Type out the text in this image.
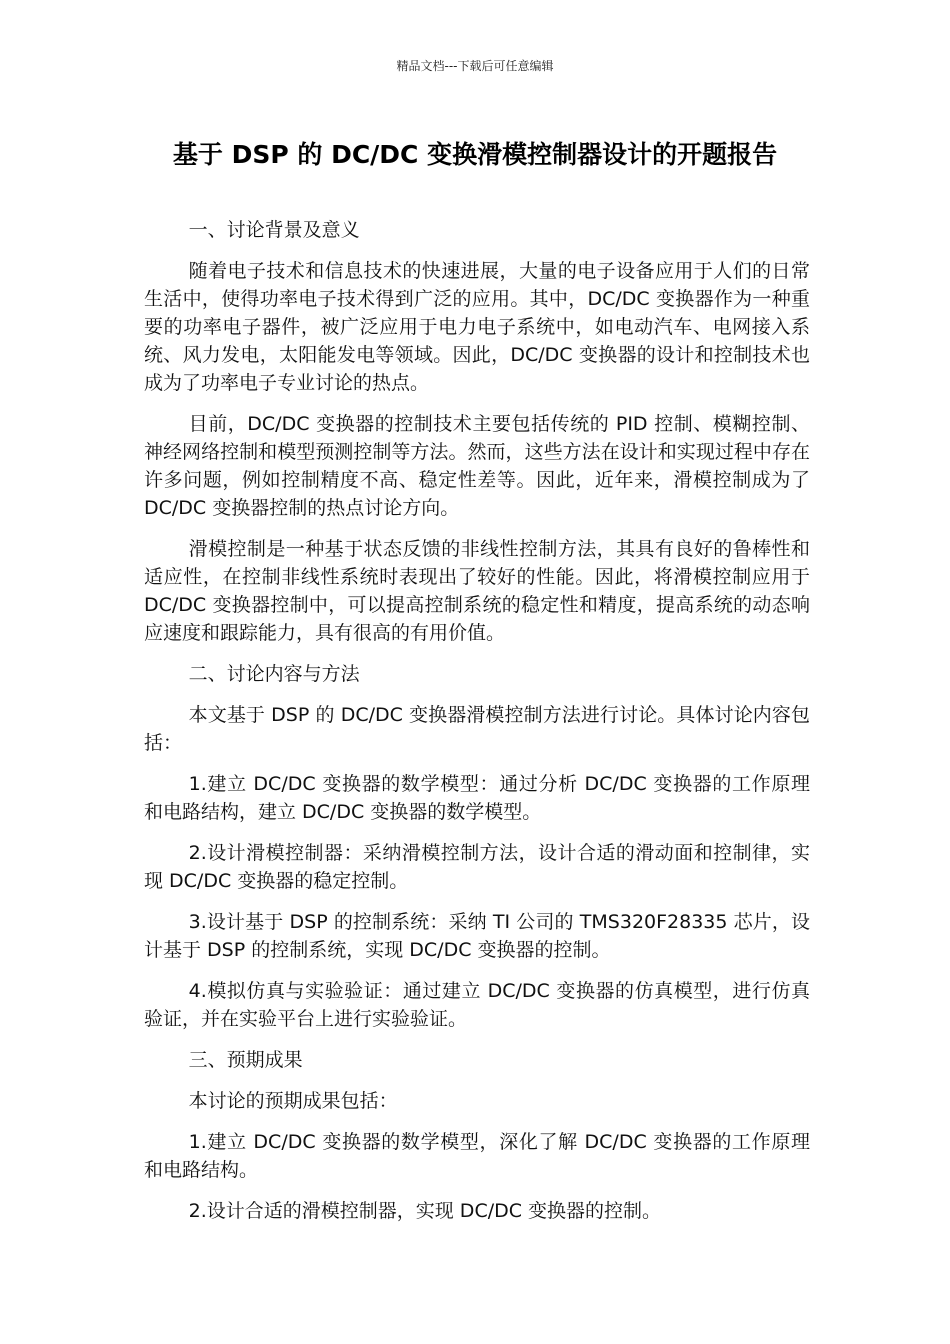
精品文档---下载后可任意编辑
基于 DSP 的 DC/DC 变换滑模控制器设计的开题报告

一、讨论背景及意义

随着电子技术和信息技术的快速进展，大量的电子设备应用于人们的日常生活中，使得功率电子技术得到广泛的应用。其中，DC/DC 变换器作为一种重要的功率电子器件，被广泛应用于电力电子系统中，如电动汽车、电网接入系统、风力发电，太阳能发电等领域。因此，DC/DC 变换器的设计和控制技术也成为了功率电子专业讨论的热点。

目前，DC/DC 变换器的控制技术主要包括传统的 PID 控制、模糊控制、神经网络控制和模型预测控制等方法。然而，这些方法在设计和实现过程中存在许多问题，例如控制精度不高、稳定性差等。因此，近年来，滑模控制成为了 DC/DC 变换器控制的热点讨论方向。

滑模控制是一种基于状态反馈的非线性控制方法，其具有良好的鲁棒性和适应性，在控制非线性系统时表现出了较好的性能。因此，将滑模控制应用于 DC/DC 变换器控制中，可以提高控制系统的稳定性和精度，提高系统的动态响应速度和跟踪能力，具有很高的有用价值。

二、讨论内容与方法

本文基于 DSP 的 DC/DC 变换器滑模控制方法进行讨论。具体讨论内容包括：

1.建立 DC/DC 变换器的数学模型：通过分析 DC/DC 变换器的工作原理和电路结构，建立 DC/DC 变换器的数学模型。

2.设计滑模控制器：采纳滑模控制方法，设计合适的滑动面和控制律，实现 DC/DC 变换器的稳定控制。

3.设计基于 DSP 的控制系统：采纳 TI 公司的 TMS320F28335 芯片，设计基于 DSP 的控制系统，实现 DC/DC 变换器的控制。

4.模拟仿真与实验验证：通过建立 DC/DC 变换器的仿真模型，进行仿真验证，并在实验平台上进行实验验证。

三、预期成果

本讨论的预期成果包括：

1.建立 DC/DC 变换器的数学模型，深化了解 DC/DC 变换器的工作原理和电路结构。

2.设计合适的滑模控制器，实现 DC/DC 变换器的控制。
